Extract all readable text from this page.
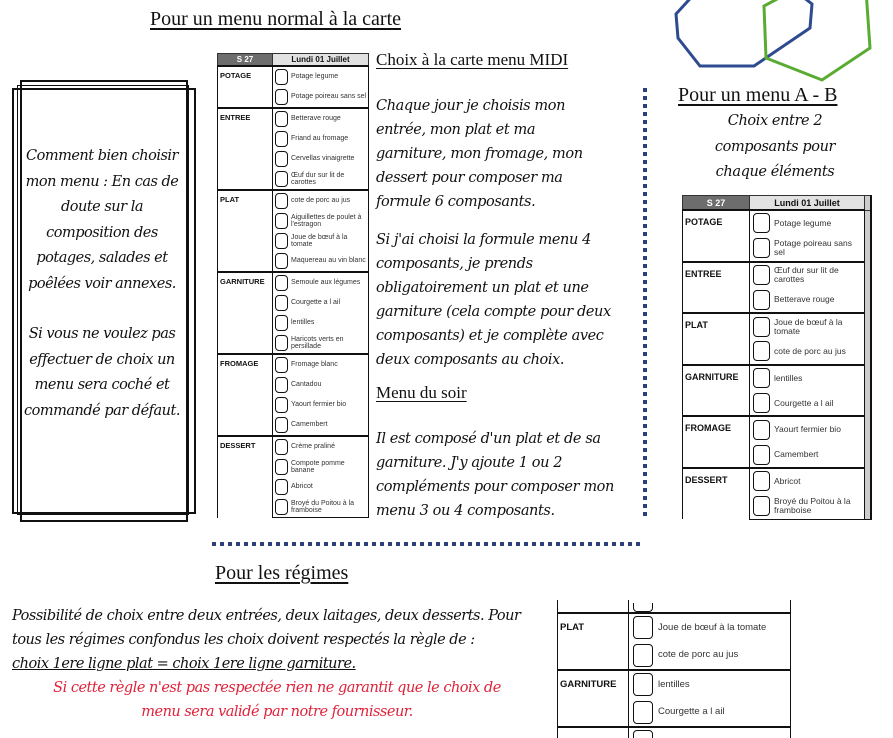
Pour un menu normal à la carte
Comment bien choisir mon menu : En cas de doute sur la composition des potages, salades et poêlées voir annexes.
Si vous ne voulez pas effectuer de choix un menu sera coché et commandé par défaut.
S 27	Lundi 01 Juillet
POTAGE	Potage legume

	Potage poireau sans sel

ENTREE	Betterave rouge

	Friand au fromage

	Cervellas vinaigrette

	Œuf dur sur lit de carottes

PLAT	cote de porc au jus

	Aiguillettes de poulet à l'estragon

	Joue de bœuf à la tomate

	Maquereau au vin blanc

GARNITURE	Semoule aux légumes

	Courgette a l ail

	lentilles

	Haricots verts en persillade

FROMAGE	Fromage blanc

	Cantadou

	Yaourt fermier bio

	Camembert

DESSERT	Crème praliné

	Compote pomme banane

	Abricot

	Broyé du Poitou à la framboise
Choix à la carte menu MIDI
Chaque jour je choisis mon entrée, mon plat et ma garniture, mon fromage, mon dessert pour composer ma formule 6 composants.
Si j'ai choisi la formule menu 4 composants, je prends obligatoirement un plat et une garniture (cela compte pour deux composants) et je complète avec deux composants au choix.
Menu du soir
Il est composé d'un plat et de sa garniture. J'y ajoute 1 ou 2 compléments pour composer mon menu 3 ou 4 composants.
Pour un menu A - B
Choix entre 2 composants pour chaque éléments
S 27	Lundi 01 Juillet	
POTAGE	Potage legume	

	Potage poireau sans sel	

ENTREE	Œuf dur sur lit de carottes	

	Betterave rouge	

PLAT	Joue de bœuf à la tomate	

	cote de porc au jus	

GARNITURE	lentilles	

	Courgette a l ail	

FROMAGE	Yaourt fermier bio	

	Camembert	

DESSERT	Abricot	

	Broyé du Poitou à la framboise	

Pour les régimes
Possibilité de choix entre deux entrées, deux laitages, deux desserts. Pour tous les régimes confondus les choix doivent respectés la règle de :
choix 1ere ligne plat = choix 1ere ligne garniture.
Si cette règle n'est pas respectée rien ne garantit que le choix de menu sera validé par notre fournisseur.

PLAT	Joue de bœuf à la tomate

	cote de porc au jus

GARNITURE	lentilles

	Courgette a l ail
